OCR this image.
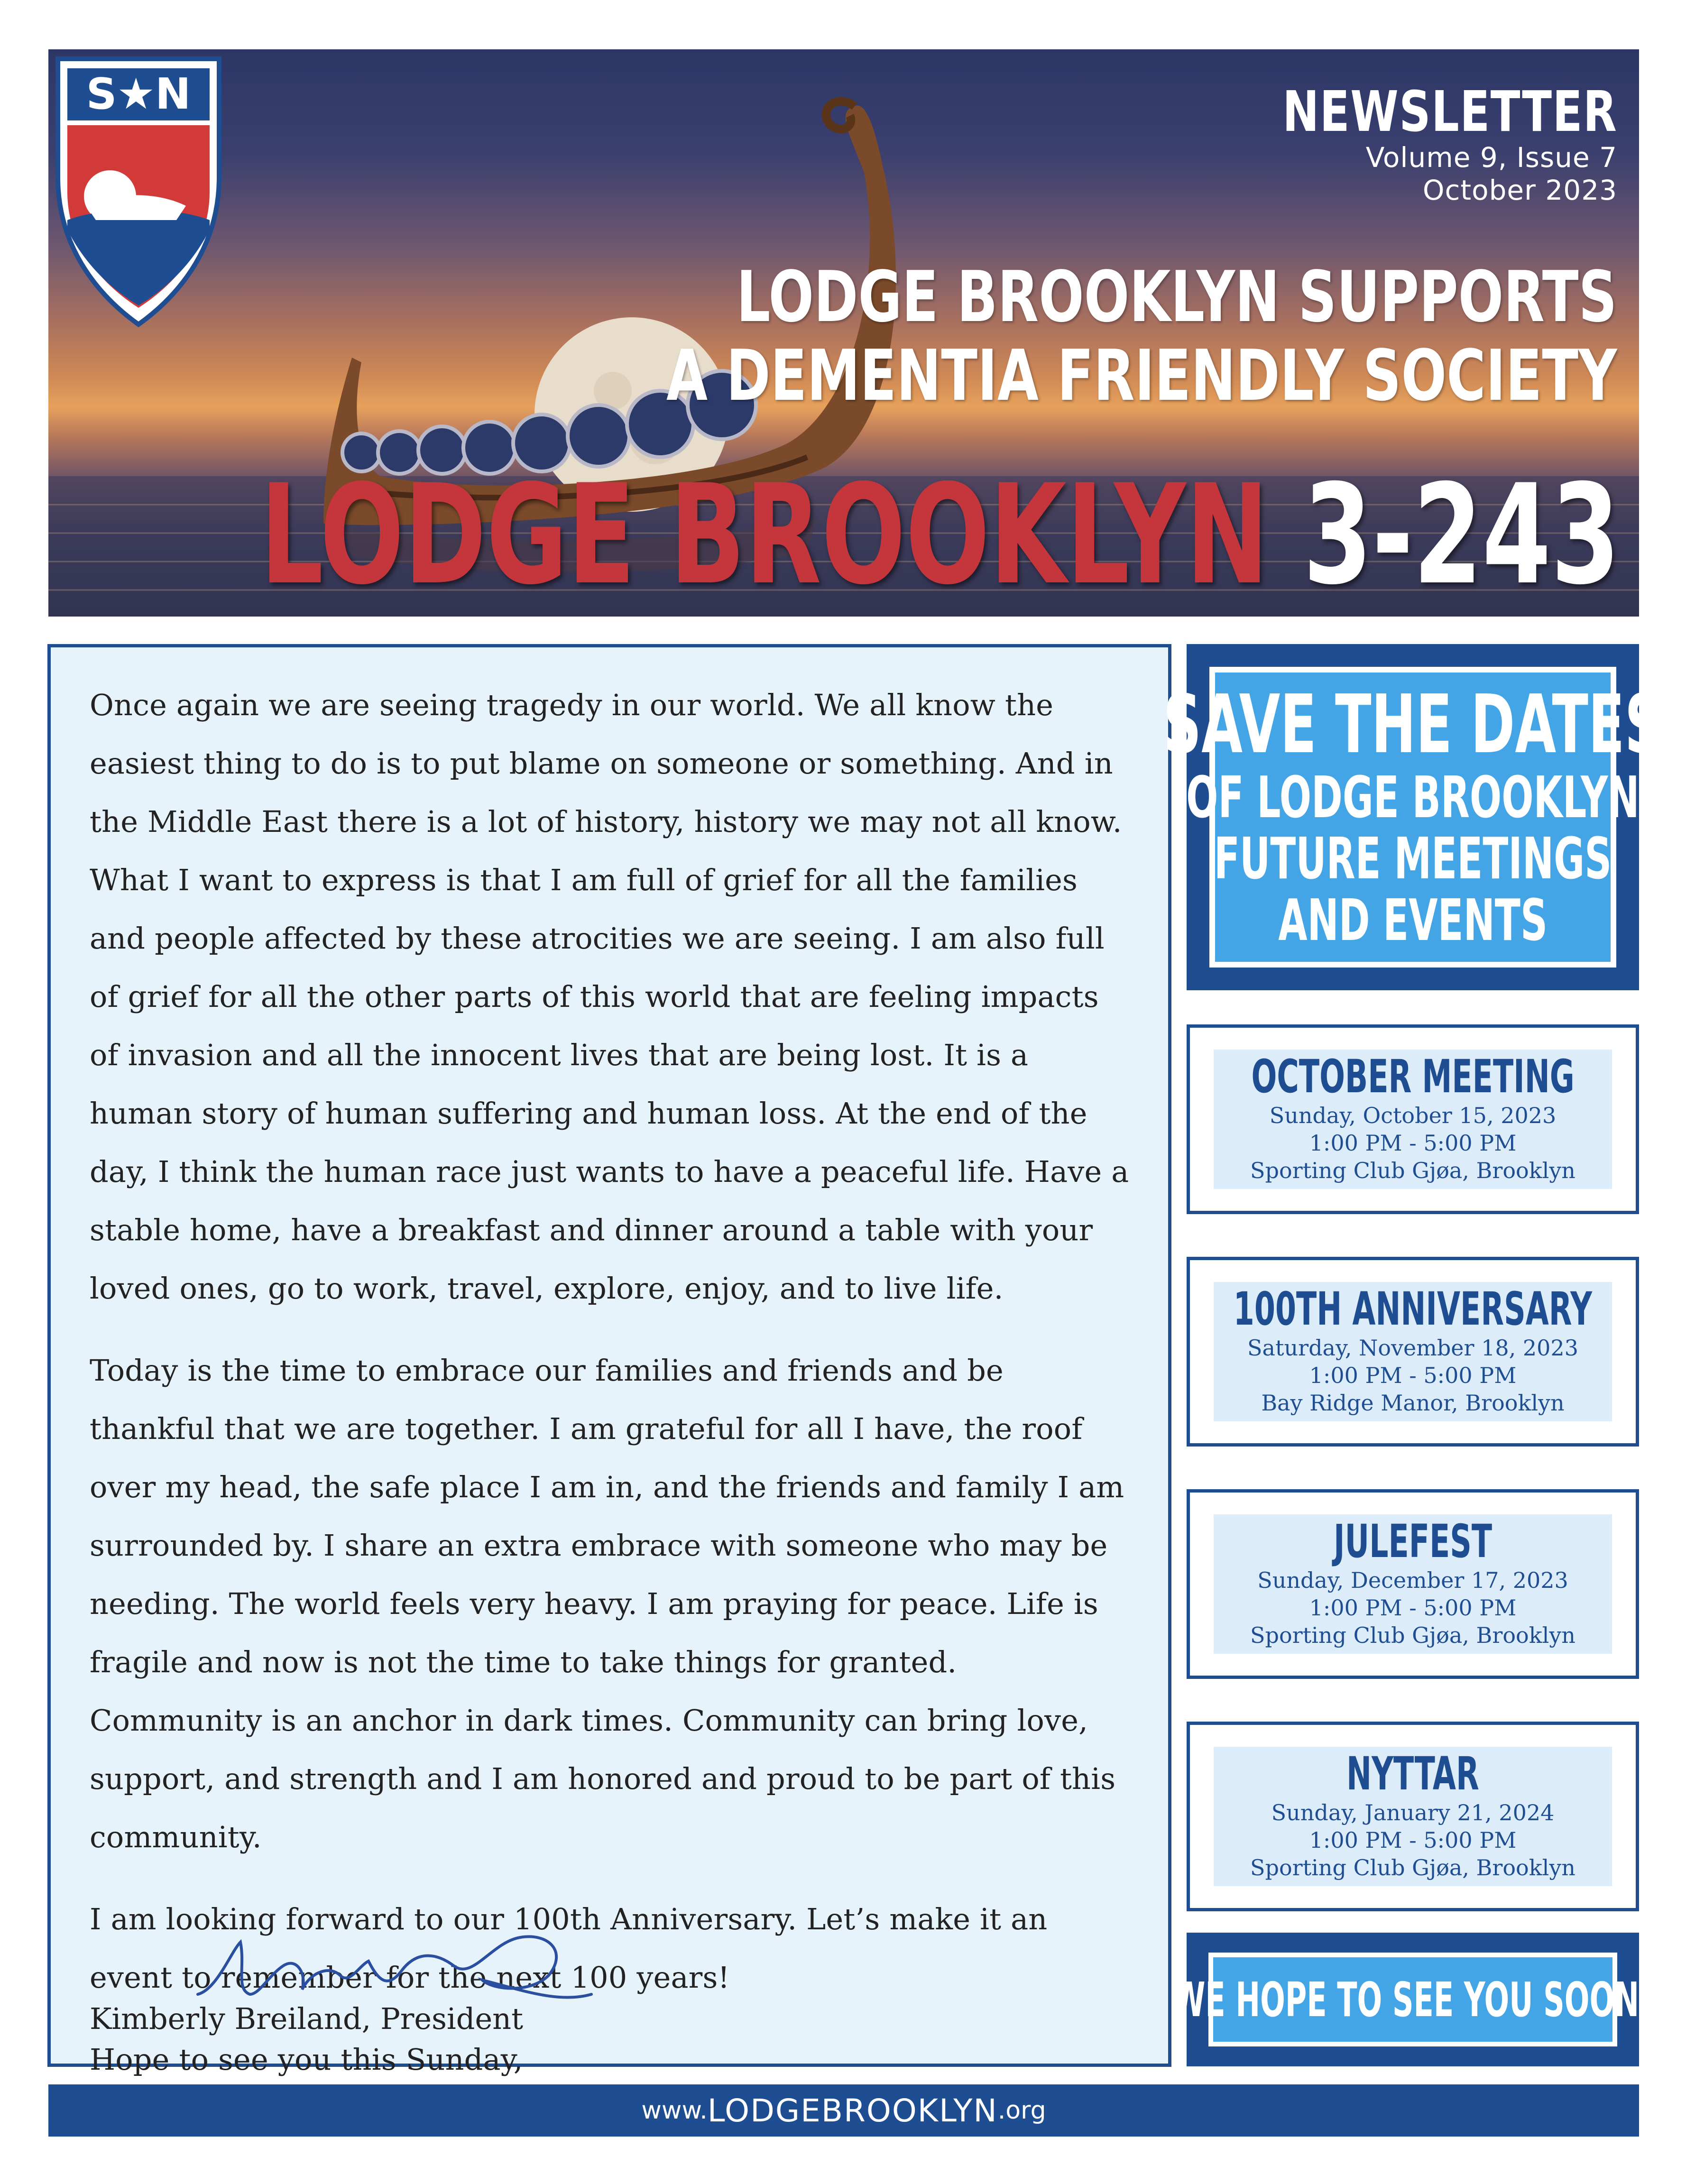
S★N	NEWSLETTER
Volume 9, Issue 7
October 2023
LODGE BROOKLYN SUPPORTS
A DEMENTIA FRIENDLY SOCIETY
LODGE BROOKLYN 3-243

Once again we are seeing tragedy in our world. We all know the easiest thing to do is to put blame on someone or something. And in the Middle East there is a lot of history, history we may not all know. What I want to express is that I am full of grief for all the families and people affected by these atrocities we are seeing. I am also full of grief for all the other parts of this world that are feeling impacts of invasion and all the innocent lives that are being lost. It is a human story of human suffering and human loss. At the end of the day, I think the human race just wants to have a peaceful life. Have a stable home, have a breakfast and dinner around a table with your loved ones, go to work, travel, explore, enjoy, and to live life.

Today is the time to embrace our families and friends and be thankful that we are together. I am grateful for all I have, the roof over my head, the safe place I am in, and the friends and family I am surrounded by. I share an extra embrace with someone who may be needing. The world feels very heavy. I am praying for peace. Life is fragile and now is not the time to take things for granted. Community is an anchor in dark times. Community can bring love, support, and strength and I am honored and proud to be part of this community.

I am looking forward to our 100th Anniversary. Let’s make it an event to remember for the next 100 years!

Hope to see you this Sunday,

Kimberly Breiland, President
SAVE THE DATES
OF LODGE BROOKLYN
FUTURE MEETINGS
AND EVENTS
OCTOBER MEETING
Sunday, October 15, 2023
1:00 PM - 5:00 PM
Sporting Club Gjøa, Brooklyn
100TH ANNIVERSARY
Saturday, November 18, 2023
1:00 PM - 5:00 PM
Bay Ridge Manor, Brooklyn
JULEFEST
Sunday, December 17, 2023
1:00 PM - 5:00 PM
Sporting Club Gjøa, Brooklyn
NYTTAR
Sunday, January 21, 2024
1:00 PM - 5:00 PM
Sporting Club Gjøa, Brooklyn
WE HOPE TO SEE YOU SOON!
www. LODGEBROOKLYN .org
